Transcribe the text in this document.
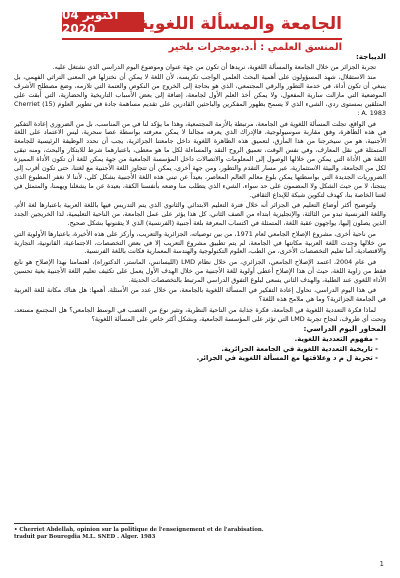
04 أكتوبر 2020	الجامعة والمسألة اللغوية
المنسق العلمي : أ.د.بومجرات بلخير
الديباجة:

تجربة الجزائر من خلال الجامعة والمسألة اللغوية، نريدها أن تكون من جهة عنوان وموضوع اليوم الدراسي الذي نشتغل عليه.

منذ الاستقلال، شهد المسؤولون على أهمية البحث العلمي الواجب تكريسه، لأن اللغة لا يمكن أن نختزلها في المعنى التراثي الفهمي، بل ينبغي أن تكون أداة، في خدمة التطور والرقي المجتمعي، الذي هو بحاجة إلى الخروج من النكوص والعتمة التي تلازمه، وضع مصطلح الأشرف الموضعية التي مازالت سارية المفعول، ولا يمكن أخذ العلم الأول لجامعة، إضافة إلى بعض الأسباب التاريخية والحضارية، التي أبقت على المتلقين بمستوى ردي، الشيء الذي لا يسمح بظهور المفكرين والباحثين القادرين على تقديم مساهمة جادة في تطوير العلوم (15) Cherriet A. 1983 :

في الواقع، تجلت المسألة اللغوية في الجامعة، مرتبطة بالأزمة المجتمعية، وهذا ما يؤكد لنا في من المناسب، بل من الضروري إعادة التفكير في هذه الظاهرة، وفق مقاربة سوسيولوجية، فالإدراك الذي يعرفه مجالنا لا يمكن معرفته بواسطة عصا سحرية، ليس الاعتماد على اللغة الأجنبية، هو من سيخرجنا من هذا المأزق، لتعميق هذه الظاهرة اللغوية داخل جامعتنا الجزائرية، يجب أن نحدد الوظيفة الرئيسية للجامعة المتمثلة في نقل المعارف، وفي نفس الوقت، تعميق الروح النقد والمساءلة لكل ما هو معطى، باعتبارهما شرط للابتكار والبحث، ومنه تبقى اللغة هي الأداة التي يمكن من خلالها الوصول إلى المعلومات والاتصالات داخل المؤسسة الجامعية من جهة يمكن للغة أن تكون الأداة المميزة لكل من الجامعة، والبيئة الاستثمارية، عبر مسار التقدم والتطور، ومن جهة أخرى، يمكن أن تتجاوز اللغة الأجنبية مع لغتنا، حتى تكون أقرب إلى الضروريات الجديدة التي بواسطتها يمكن بلوغ معالم العالم المعاصر، بعيداً عن تبني هذه اللغة الأجنبية بشكل كلي، لأننا لا نغفر المطبوع الذي ينتجنا، لا من حيث الشكل ولا المضمون على حد سواء، الشيء الذي يتطلب منا وضعه بأنفسنا الكفة، بعيدة عن ما يشغلنا ويهمنا، والمتمثل في لغتنا الخاصة بنا، كهدف لتكوين شبكة للإبداع الثقافي.

ولتوضيح أكثر أوضاع التعليم في الجزائر أنه خلال فترة التعليم الابتدائي والثانوي الذي يتم التدريس فيها باللغة العربية باعتبارها لغة الأم، واللغة الفرنسية تبدو من الثالثة، والإنجليزية ابتداء من الصف الثاني، كل هذا يؤثر على عمل الجامعة، من الناحية التعليمية، لذا الخريجين الجدد الذين يصلون إليها، يواجهون عقبة اللغة، المتمثلة في اكتساب المعرفة بلغة أجنبية (الفرنسية) الذي لا يتقنونها بشكل صحيح.

من ناحية أخرى، مشروع الإصلاح الجامعي لعام 1971، من بين توصياته، الجزائرية والتعريب، وأركز على هذه الأخيرة، باعتبارها الأولوية التي من خلالها وجدت اللغة العربية مكانتها في الجامعة، لم يتم تطبيق مشروع التعريب إلا في بعض التخصصات، الاجتماعية، القانونية، التجارية والاقتصادية، أما تعليم التخصصات الأخرى، من الطب، العلوم التكنولوجية والهندسة المعمارية فكانت باللغة الفرنسية.

في عام 2004، اعتمد الإصلاح الجامعي، الجزائري، من خلال نظام LMD (الليسانس، الماستر، الدكتوراه)، اهتمامنا بهذا الإصلاح هو نابع فقط من زاوية اللغة، حيث أن هذا الإصلاح أعطى أولوية للغة الأجنبية من خلال الهدف الأول يعمل على تكثيف تعليم اللغة الأجنبية بغية تحسين الأداء اللغوي عند الطلبة، والهدف الثاني يسعى لبلوغ التفوق الدراسي المرتبط بالتخصصات الحديثة.

في هذا اليوم الدراسي، نحاول إعادة التفكير في المسألة اللغوية بالجامعة، من خلال عدد من الأسئلة، أهمها: هل هناك مكانة للغة العربية في الجامعة الجزائرية؟ وما هي ملامح هذه اللغة؟

لماذا فكرة التعددية اللغوية في الجامعة، فكرة جذابة من الناحية النظرية، وتثير نوع من الغضب في الوسط الجامعي؟ هل المجتمع مستعد، وتحت أي ظروف، لنجاح تجربة LMD التي تؤثر على المؤسسة الجامعية، وبشكل أكثر خاص على المسألة اللغوية؟

المحاور اليوم الدراسي:
- مفهوم التعددية اللغوية.
- تاريخية التعددية اللغوية في الجامعة الجزائرية.
- تجربة ل م د وعلاقتها مع المسألة اللغوية في الجزائر.
• Cherriet Abdellah, opinion sur la politique de l'enseignement et de l'arabisation.
traduit par Bouregdia M.L. SNED . Alger. 1983
1
